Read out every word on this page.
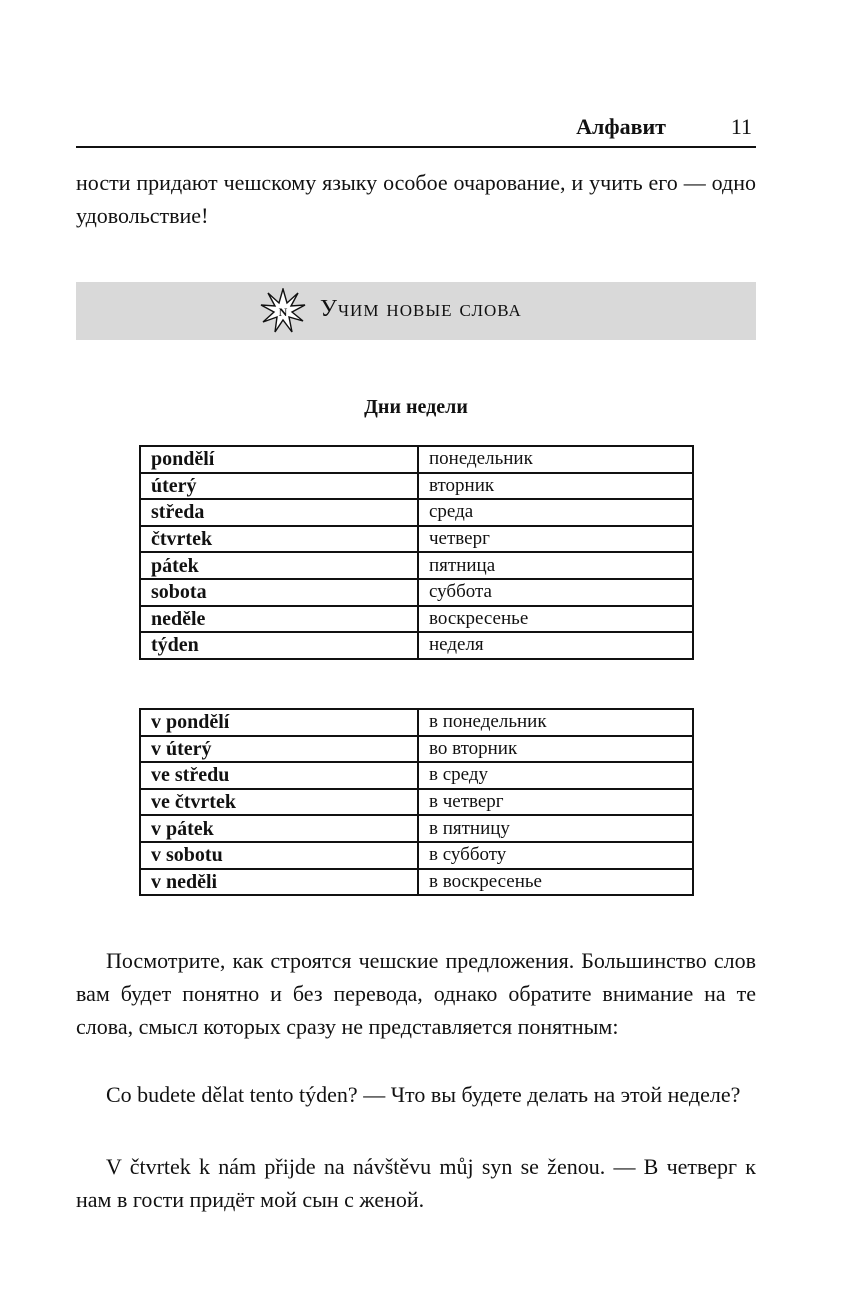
Алфавит	11

ности придают чешскому языку особое очарование, и учить его — одно удовольствие!

N Учим новые слова
Дни недели
pondělí	понедельник
úterý	вторник
středa	среда
čtvrtek	четверг
pátek	пятница
sobota	суббота
neděle	воскресенье
týden	неделя
v pondělí	в понедельник
v úterý	во вторник
ve středu	в среду
ve čtvrtek	в четверг
v pátek	в пятницу
v sobotu	в субботу
v neděli	в воскресенье

Посмотрите, как строятся чешские предложения. Большинство слов вам будет понятно и без перевода, однако обратите внимание на те слова, смысл которых сразу не представляется понятным:

Co budete dělat tento týden? — Что вы будете делать на этой неделе?

V čtvrtek k nám přijde na návštěvu můj syn se ženou. — В четверг к нам в гости придёт мой сын с женой.
